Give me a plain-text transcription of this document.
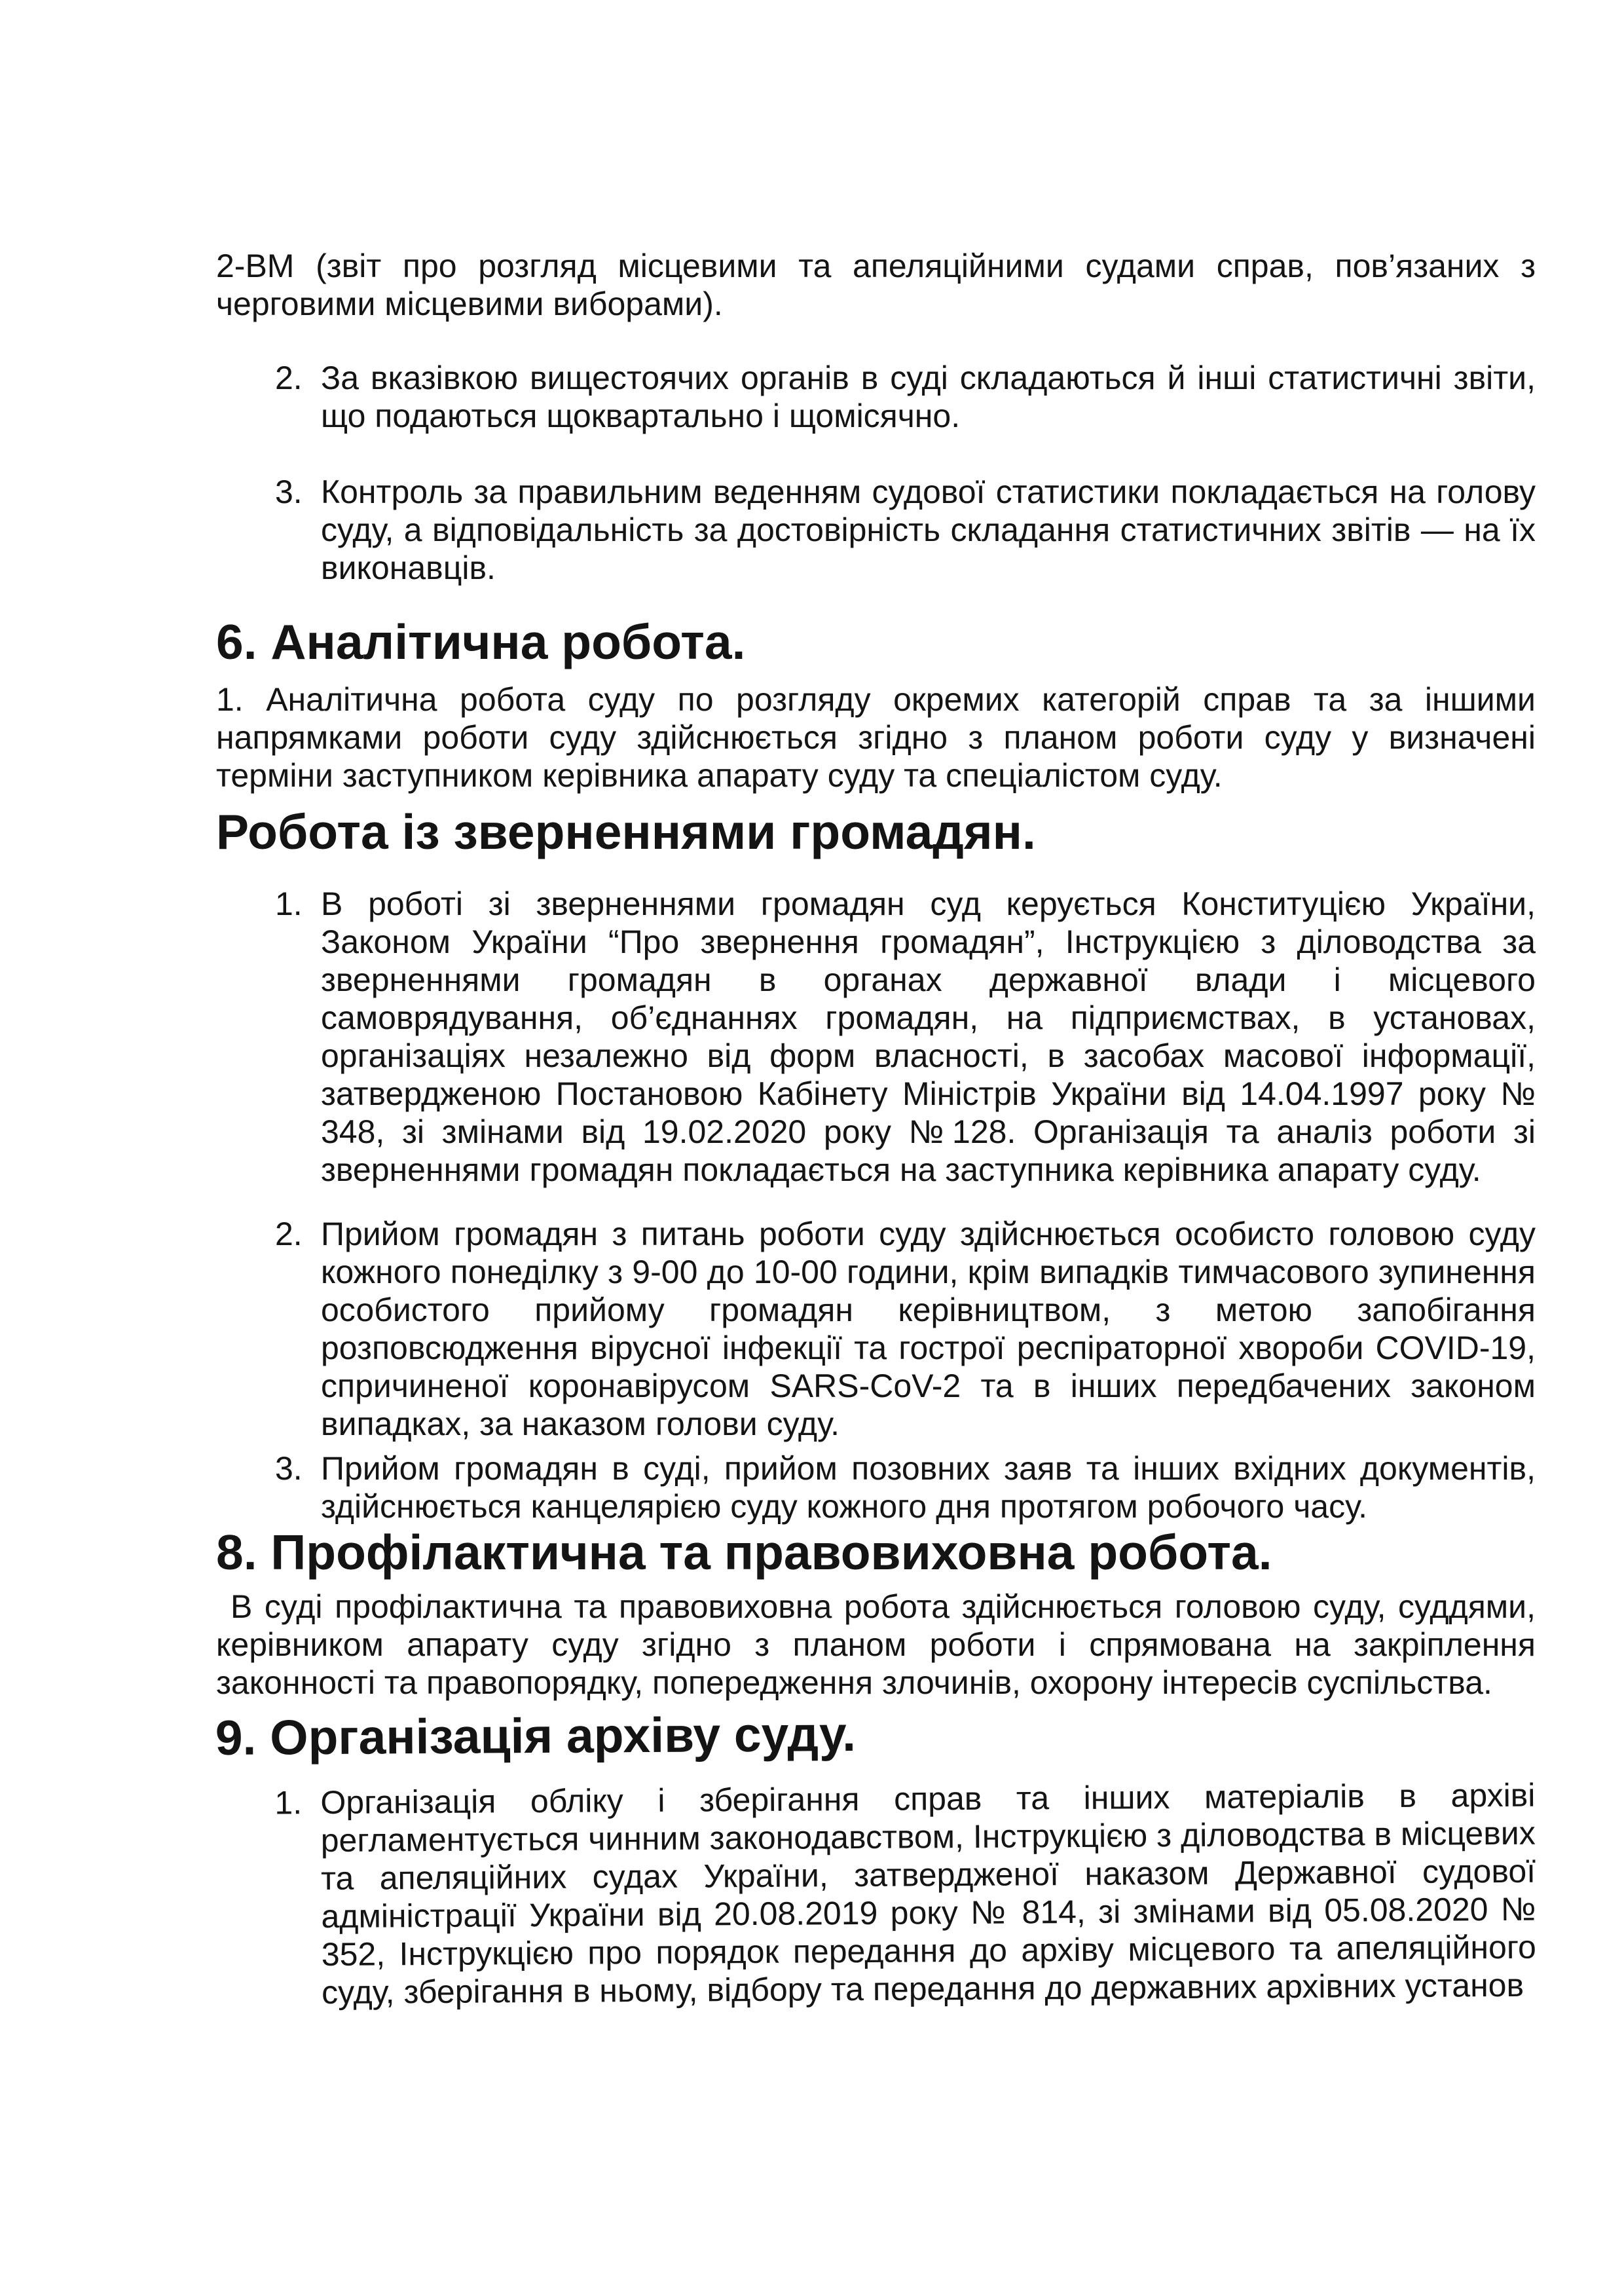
2-ВМ (звіт про розгляд місцевими та апеляційними судами справ, пов’язаних з черговими місцевими виборами).

2. За вказівкою вищестоячих органів в суді складаються й інші статистичні звіти, що подаються щоквартально і щомісячно.
3. Контроль за правильним веденням судової статистики покладається на голову суду, а відповідальність за достовірність складання статистичних звітів — на їх виконавців.
6. Аналітична робота.

1. Аналітична робота суду по розгляду окремих категорій справ та за іншими напрямками роботи суду здійснюється згідно з планом роботи суду у визначені терміни заступником керівника апарату суду та спеціалістом суду.

Робота із зверненнями громадян.
1. В роботі зі зверненнями громадян суд керується Конституцією України, Законом України “Про звернення громадян”, Інструкцією з діловодства за зверненнями громадян в органах державної влади і місцевого самоврядування, об’єднаннях громадян, на підприємствах, в установах, організаціях незалежно від форм власності, в засобах масової інформації, затвердженою Постановою Кабінету Міністрів України від 14.04.1997 року № 348, зі змінами від 19.02.2020 року №128. Організація та аналіз роботи зі зверненнями громадян покладається на заступника керівника апарату суду.
2. Прийом громадян з питань роботи суду здійснюється особисто головою суду кожного понеділку з 9-00 до 10-00 години, крім випадків тимчасового зупинення особистого прийому громадян керівництвом, з метою запобігання розповсюдження вірусної інфекції та гострої респіраторної хвороби COVID-19, спричиненої коронавірусом SARS-CoV-2 та в інших передбачених законом випадках, за наказом голови суду.
3. Прийом громадян в суді, прийом позовних заяв та інших вхідних документів, здійснюється канцелярією суду кожного дня протягом робочого часу.
8. Профілактична та правовиховна робота.

В суді профілактична та правовиховна робота здійснюється головою суду, суддями, керівником апарату суду згідно з планом роботи і спрямована на закріплення законності та правопорядку, попередження злочинів, охорону інтересів суспільства.

9. Організація архіву суду.
1. Організація обліку і зберігання справ та інших матеріалів в архіві регламентується чинним законодавством, Інструкцією з діловодства в місцевих та апеляційних судах України, затвердженої наказом Державної судової адміністрації України від 20.08.2019 року № 814, зі змінами від 05.08.2020 № 352, Інструкцією про порядок передання до архіву місцевого та апеляційного суду, зберігання в ньому, відбору та передання до державних архівних установ
